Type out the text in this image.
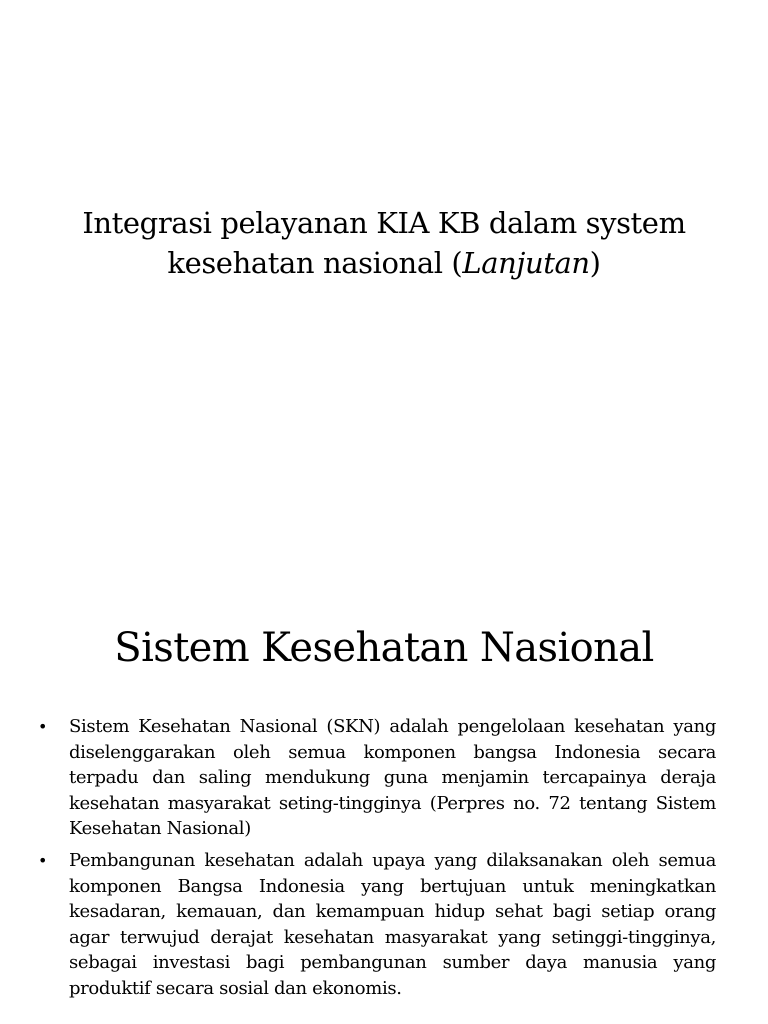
Integrasi pelayanan KIA KB dalam system kesehatan nasional (Lanjutan)
Sistem Kesehatan Nasional
• Sistem Kesehatan Nasional (SKN) adalah pengelolaan kesehatan yang diselenggarakan oleh semua komponen bangsa Indonesia secara terpadu dan saling mendukung guna menjamin tercapainya deraja kesehatan masyarakat seting-tingginya (Perpres no. 72 tentang Sistem Kesehatan Nasional)
• Pembangunan kesehatan adalah upaya yang dilaksanakan oleh semua komponen Bangsa Indonesia yang bertujuan untuk meningkatkan kesadaran, kemauan, dan kemampuan hidup sehat bagi setiap orang agar terwujud derajat kesehatan masyarakat yang setinggi-tingginya, sebagai investasi bagi pembangunan sumber daya manusia yang produktif secara sosial dan ekonomis.
